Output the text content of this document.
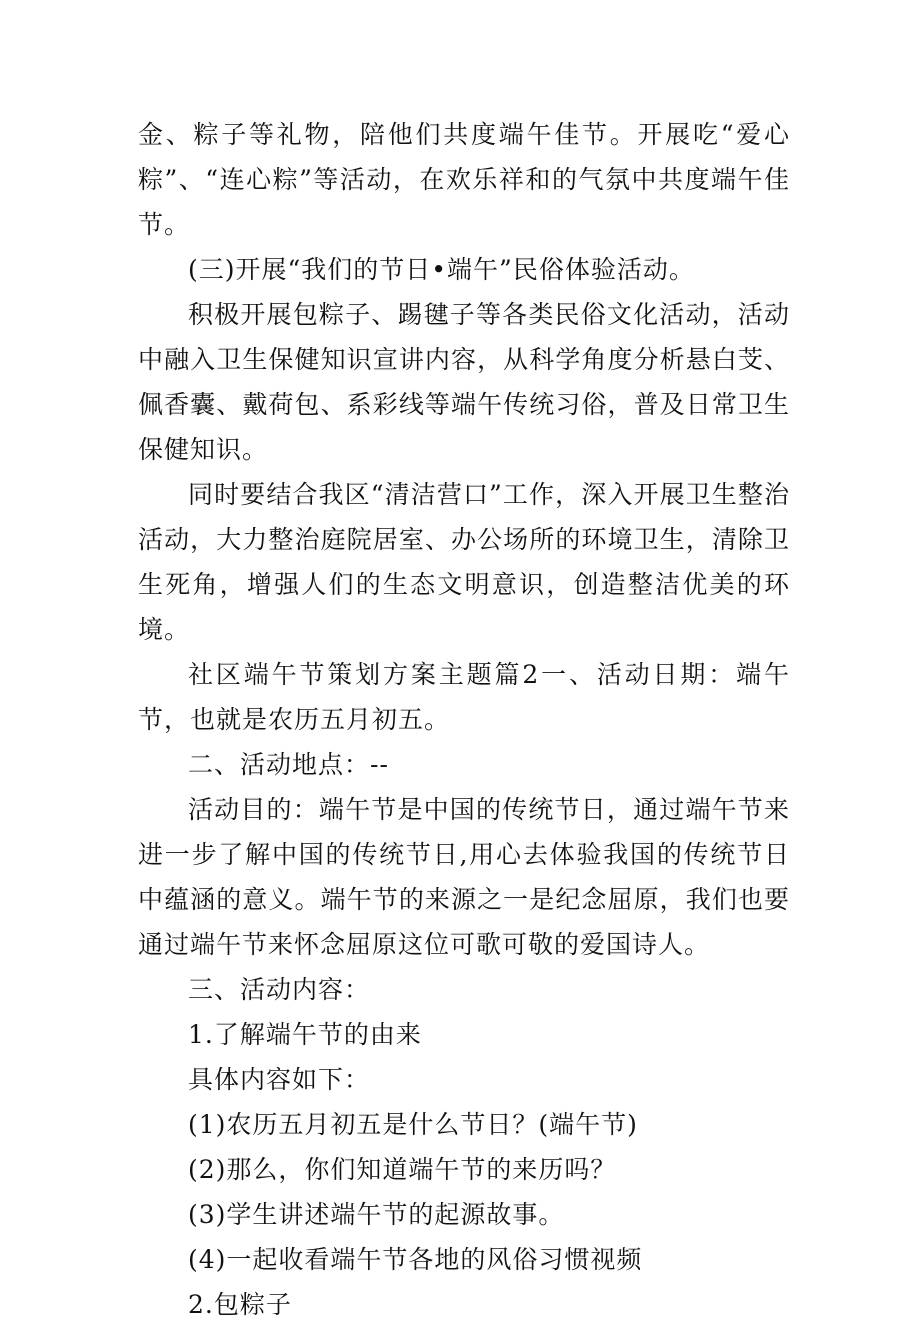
金、粽子等礼物，陪他们共度端午佳节。开展吃“爱心粽”、“连心粽”等活动，在欢乐祥和的气氛中共度端午佳节。

(三)开展“我们的节日•端午”民俗体验活动。

积极开展包粽子、踢毽子等各类民俗文化活动，活动中融入卫生保健知识宣讲内容，从科学角度分析悬白芠、佩香囊、戴荷包、系彩线等端午传统习俗，普及日常卫生保健知识。

同时要结合我区“清洁营口”工作，深入开展卫生整治活动，大力整治庭院居室、办公场所的环境卫生，清除卫生死角，增强人们的生态文明意识，创造整洁优美的环境。

社区端午节策划方案主题篇2一、活动日期：端午节，也就是农历五月初五。

二、活动地点：--

活动目的：端午节是中国的传统节日，通过端午节来进一步了解中国的传统节日,用心去体验我国的传统节日中蕴涵的意义。端午节的来源之一是纪念屈原，我们也要通过端午节来怀念屈原这位可歌可敬的爱国诗人。

三、活动内容：

1.了解端午节的由来

具体内容如下：

(1)农历五月初五是什么节日？(端午节)

(2)那么，你们知道端午节的来历吗？

(3)学生讲述端午节的起源故事。

(4)一起收看端午节各地的风俗习惯视频

2.包粽子
